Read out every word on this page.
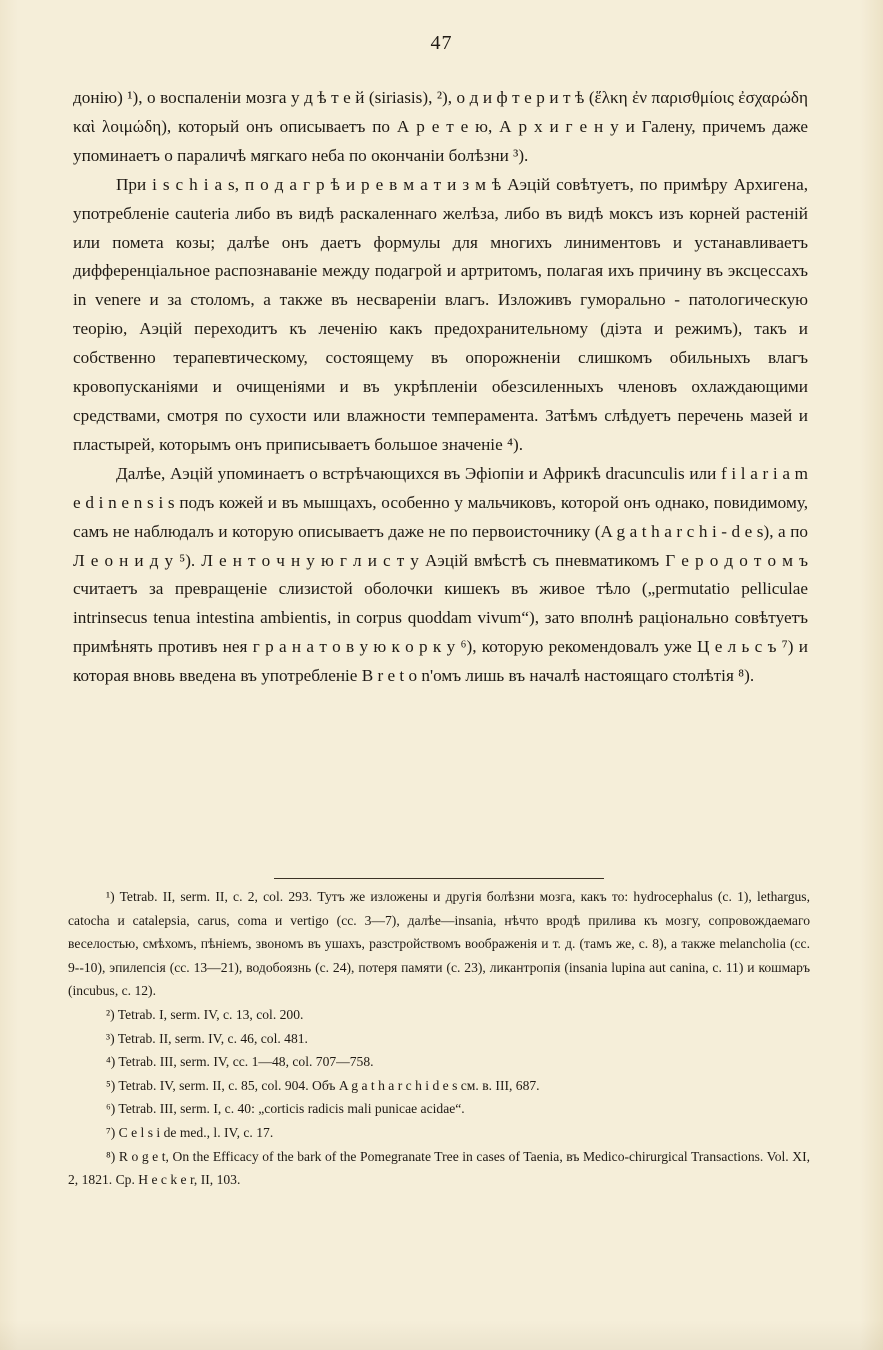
47

донію) ¹), о воспаленіи мозга у д ѣ т е й (siriasis), ²), о д и ф т е р и т ѣ (ἕλκη ἐν παρισθμίοις ἐσχαρώδη καὶ λοιμώδη), который онъ описываетъ по А р е т е ю, А р х и г е н у и Галену, причемъ даже упоминаетъ о параличѣ мягкаго неба по окончаніи болѣзни ³).

При i s c h i a s, п о д а г р ѣ и р е в м а т и з м ѣ Аэцій совѣтуетъ, по примѣру Архигена, употребленіе cauteria либо въ видѣ раскаленнаго желѣза, либо въ видѣ моксъ изъ корней растеній или помета козы; далѣе онъ даетъ формулы для многихъ линиментовъ и устанавливаетъ дифференціальное распознаваніе между подагрой и артритомъ, полагая ихъ причину въ эксцессахъ in venere и за столомъ, а также въ несвареніи влагъ. Изложивъ гуморально - патологическую теорію, Аэцій переходитъ къ леченію какъ предохранительному (діэта и режимъ), такъ и собственно терапевтическому, состоящему въ опорожненіи слишкомъ обильныхъ влагъ кровопусканіями и очищеніями и въ укрѣпленіи обезсиленныхъ членовъ охлаждающими средствами, смотря по сухости или влажности темперамента. Затѣмъ слѣдуетъ перечень мазей и пластырей, которымъ онъ приписываетъ большое значеніе ⁴).

Далѣе, Аэцій упоминаетъ о встрѣчающихся въ Эфіопіи и Африкѣ dracunculis или f i l a r i a m e d i n e n s i s подъ кожей и въ мышцахъ, особенно у мальчиковъ, которой онъ однако, повидимому, самъ не наблюдалъ и которую описываетъ даже не по первоисточнику (A g a t h a r c h i - d e s), а по Л е о н и д у ⁵). Л е н т о ч н у ю г л и с т у Аэцій вмѣстѣ съ пневматикомъ Г е р о д о т о м ъ считаетъ за превращеніе слизистой оболочки кишекъ въ живое тѣло („permutatio pelliculae intrinsecus tenua intestina ambientis, in corpus quoddam vivum“), зато вполнѣ раціонально совѣтуетъ примѣнять противъ нея г р а н а т о в у ю к о р к у ⁶), которую рекомендовалъ уже Ц е л ь с ъ ⁷) и которая вновь введена въ употребленіе B r e t o n'омъ лишь въ началѣ настоящаго столѣтія ⁸).

¹) Tetrab. II, serm. II, c. 2, col. 293. Тутъ же изложены и другія болѣзни мозга, какъ то: hydrocephalus (c. 1), lethargus, catocha и catalepsia, carus, coma и vertigo (cc. 3—7), далѣе—insania, нѣчто вродѣ прилива къ мозгу, сопровождаемаго веселостью, смѣхомъ, пѣніемъ, звономъ въ ушахъ, разстройствомъ воображенія и т. д. (тамъ же, c. 8), а также melancholia (cc. 9--10), эпилепсія (cc. 13—21), водобоязнь (c. 24), потеря памяти (c. 23), ликантропія (insania lupina aut canina, c. 11) и кошмаръ (incubus, c. 12).

²) Tetrab. I, serm. IV, c. 13, col. 200.

³) Tetrab. II, serm. IV, c. 46, col. 481.

⁴) Tetrab. III, serm. IV, cc. 1—48, col. 707—758.

⁵) Tetrab. IV, serm. II, c. 85, col. 904. Объ A g a t h a r c h i d e s см. в. III, 687.

⁶) Tetrab. III, serm. I, c. 40: „corticis radicis mali punicae acidae“.

⁷) C e l s i de med., l. IV, c. 17.

⁸) R o g e t, On the Efficacy of the bark of the Pomegranate Tree in cases of Taenia, въ Medico-chirurgical Transactions. Vol. XI, 2, 1821. Ср. H e c k e r, II, 103.
